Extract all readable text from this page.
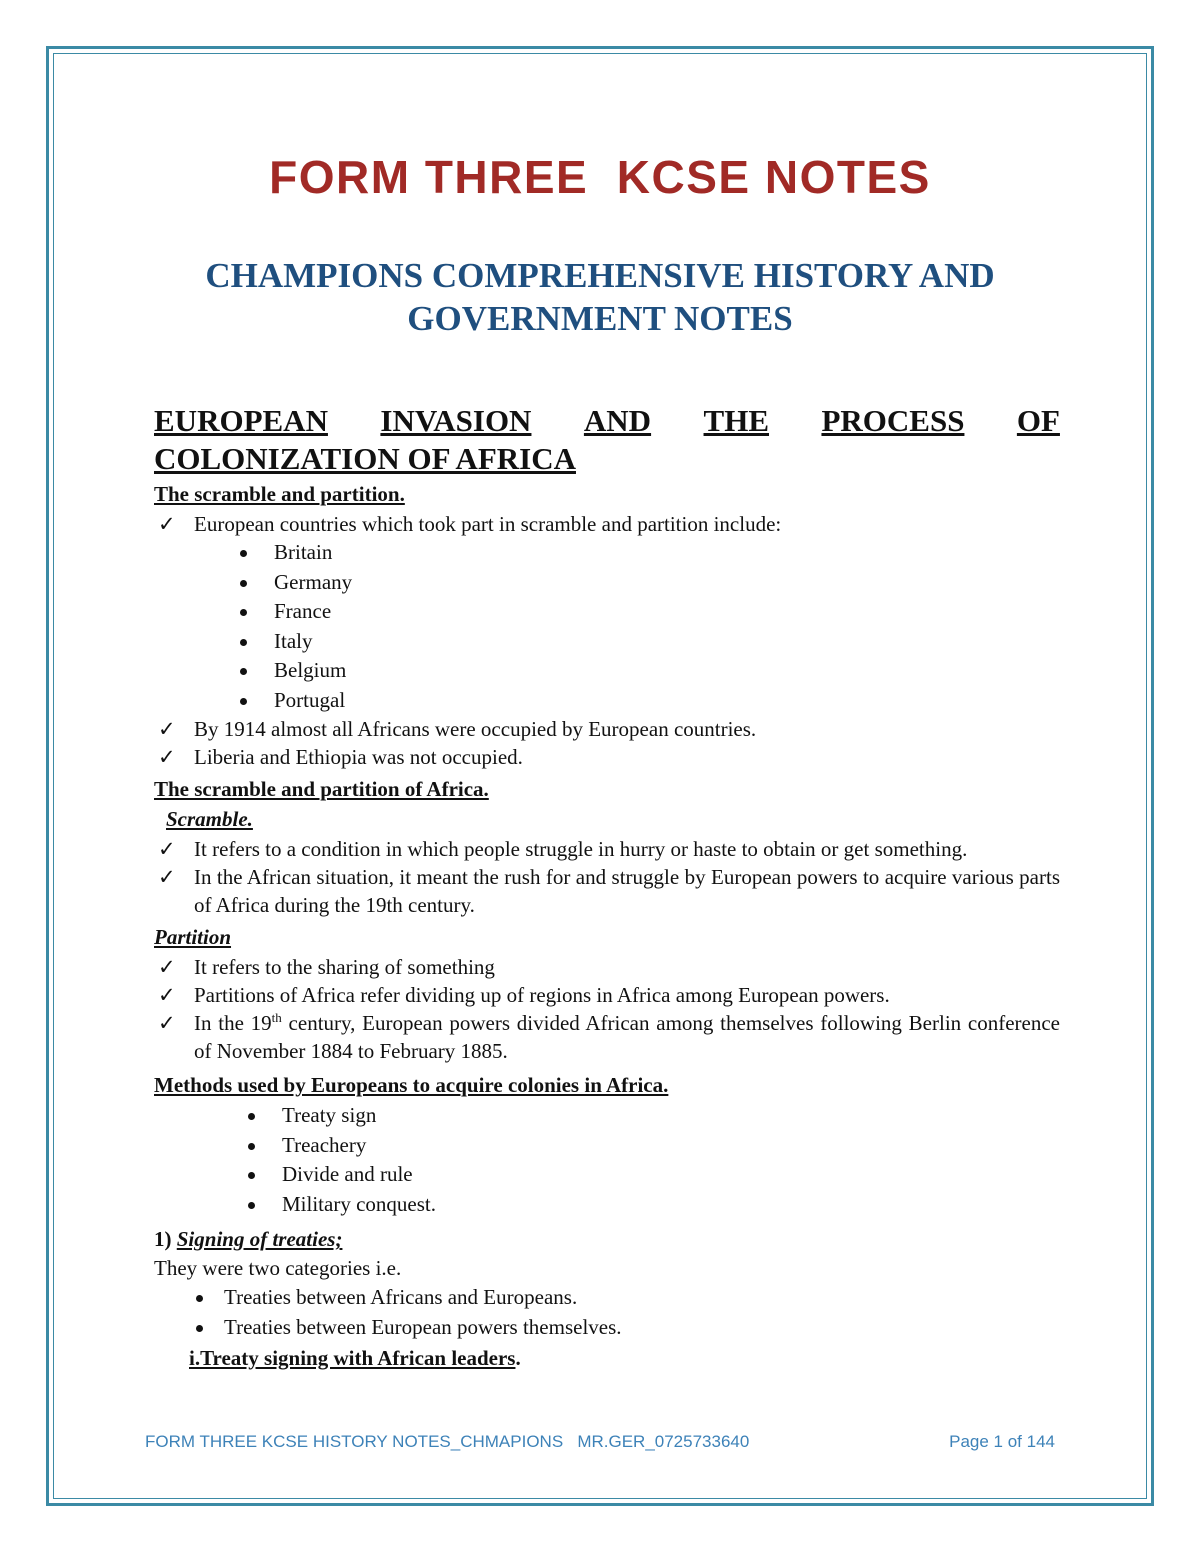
FORM THREE  KCSE NOTES
CHAMPIONS COMPREHENSIVE HISTORY AND GOVERNMENT NOTES
EUROPEAN INVASION AND THE PROCESS OF
COLONIZATION OF AFRICA
The scramble and partition.

✓ European countries which took part in scramble and partition include:

Britain

Germany

France

Italy

Belgium

Portugal

✓ By 1914 almost all Africans were occupied by European countries.

✓ Liberia and Ethiopia was not occupied.

The scramble and partition of Africa.
Scramble.

✓ It refers to a condition in which people struggle in hurry or haste to obtain or get something.

✓ In the African situation, it meant the rush for and struggle by European powers to acquire various parts of Africa during the 19th century.

Partition

✓ It refers to the sharing of something

✓ Partitions of Africa refer dividing up of regions in Africa among European powers.

✓ In the 19th century, European powers divided African among themselves following Berlin conference of November 1884 to February 1885.

Methods used by Europeans to acquire colonies in Africa.

Treaty sign

Treachery

Divide and rule

Military conquest.

1) Signing of treaties;

They were two categories i.e.

Treaties between Africans and Europeans.

Treaties between European powers themselves.

i.Treaty signing with African leaders.
FORM THREE KCSE HISTORY NOTES_CHMAPIONS   MR.GER_0725733640	Page 1 of 144
